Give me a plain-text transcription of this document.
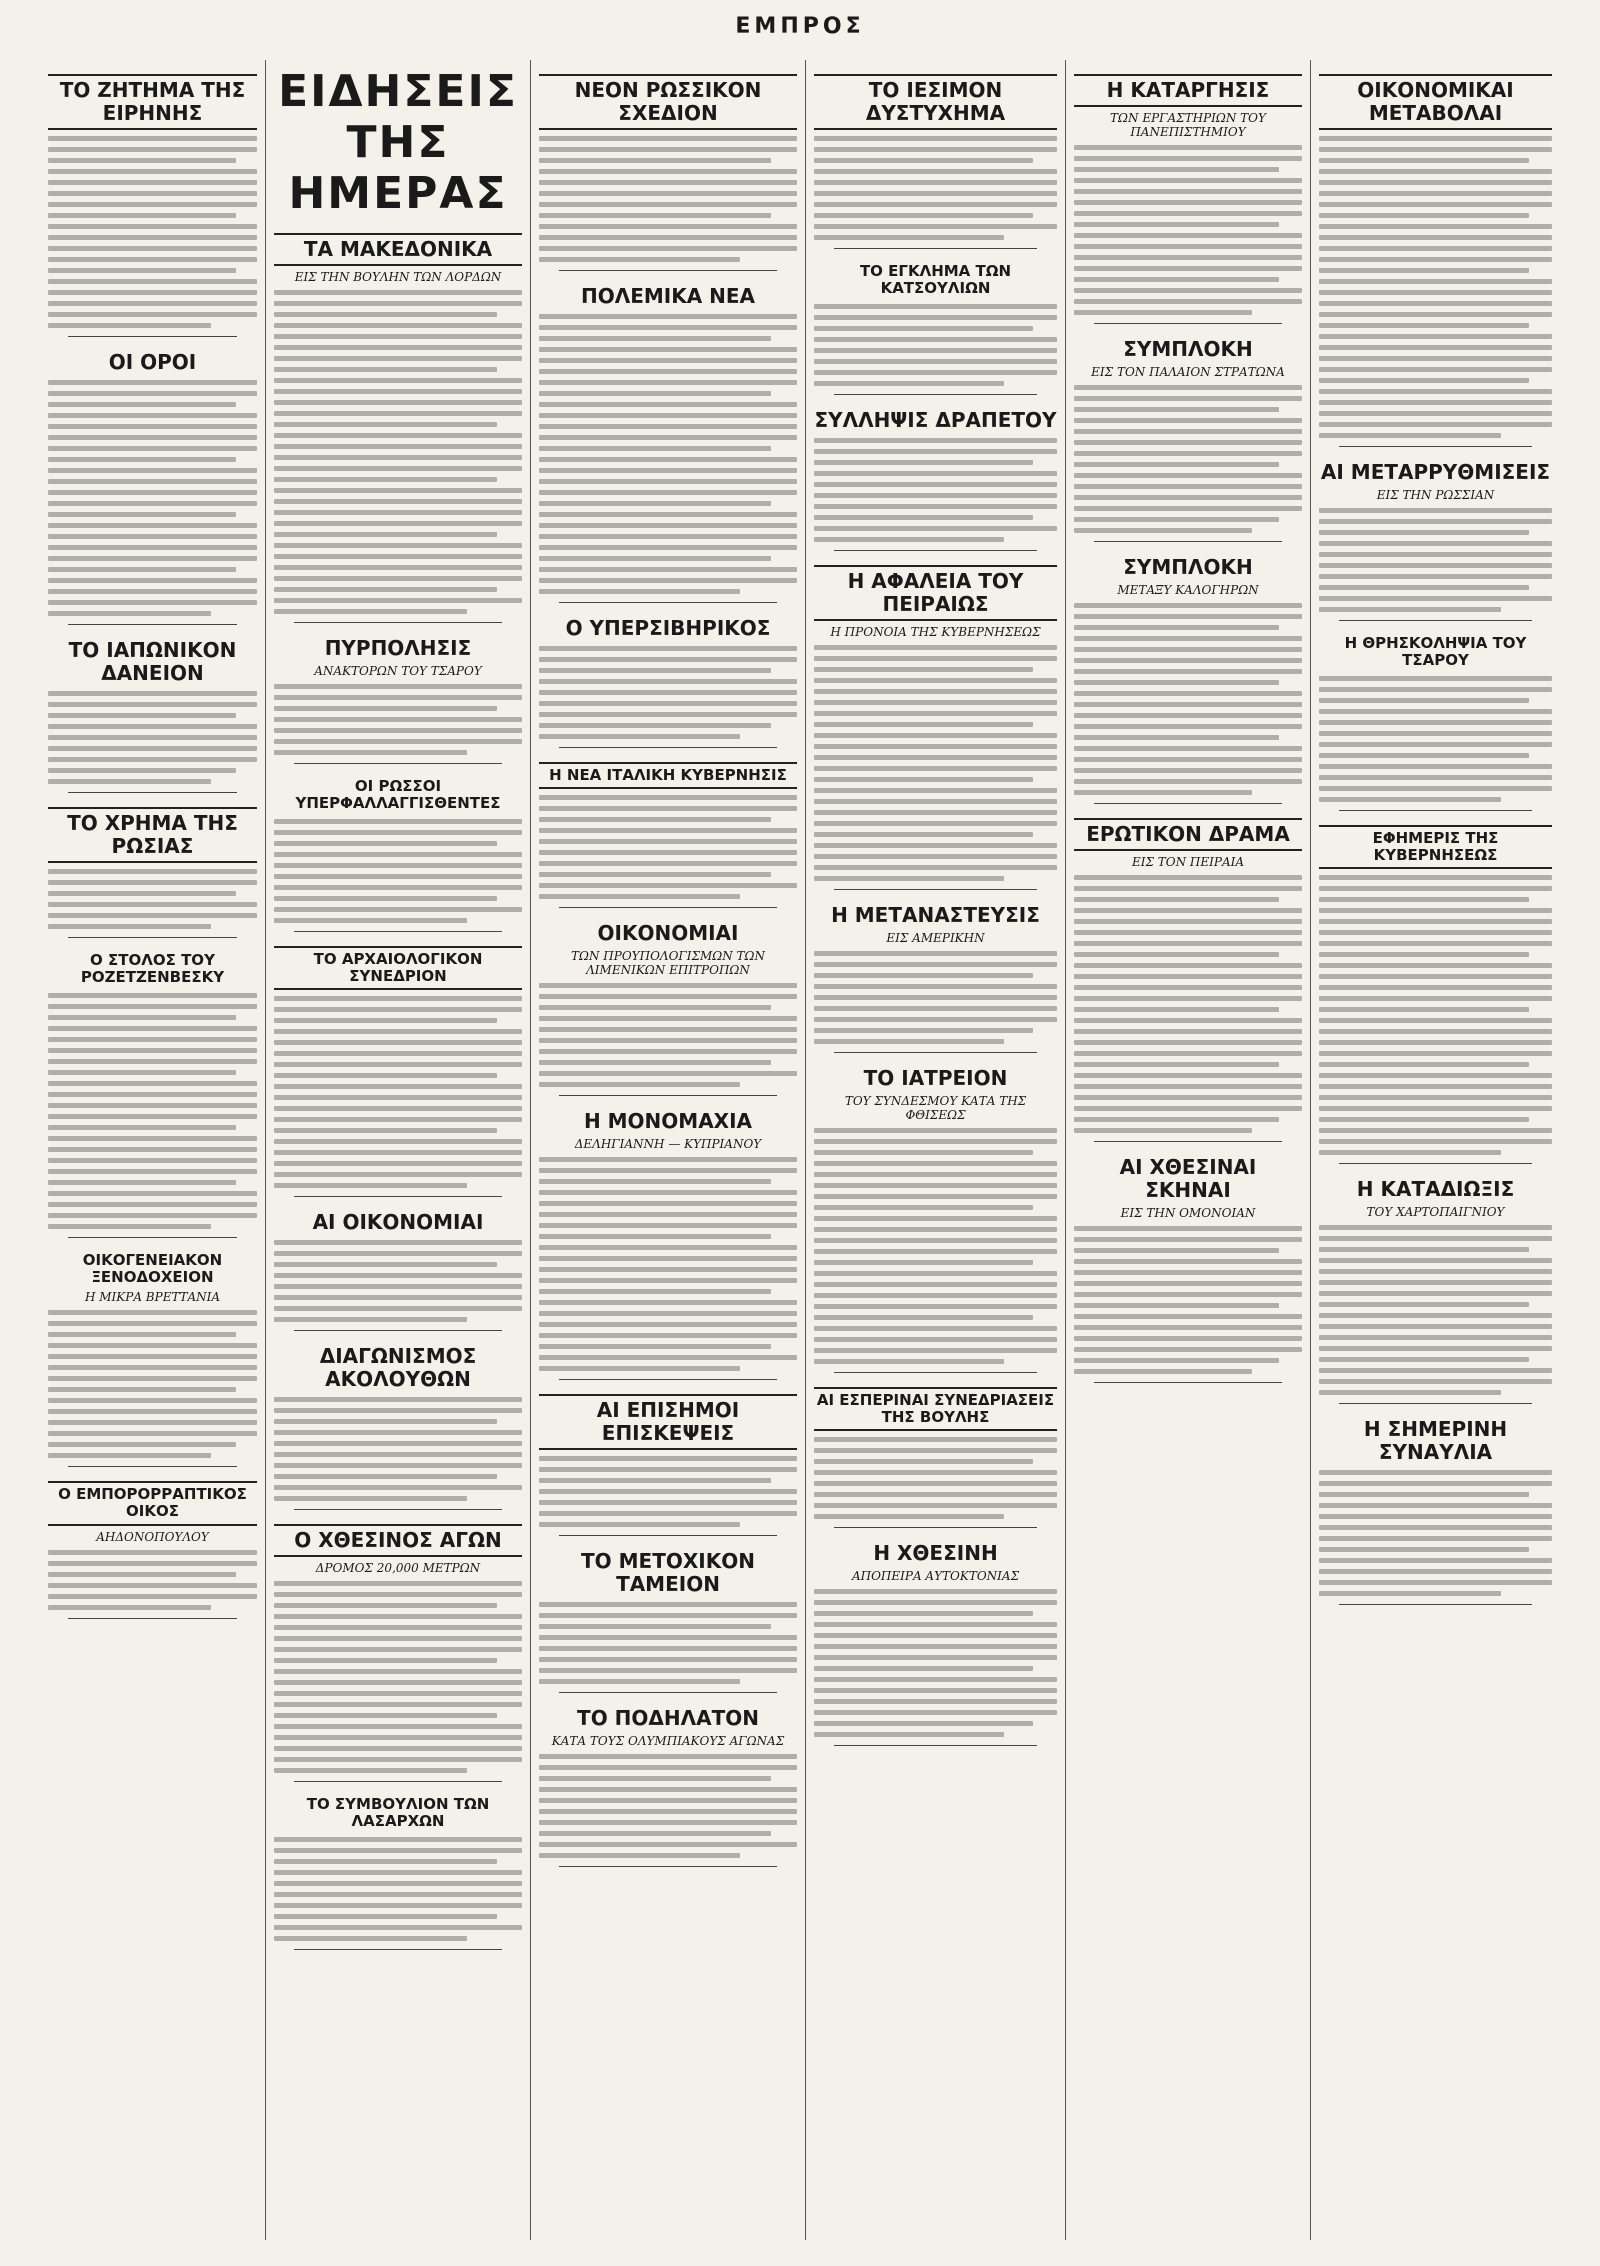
ΕΜΠΡΟΣ
ΤΟ ΖΗΤΗΜΑ ΤΗΣ ΕΙΡΗΝΗΣ
ΟΙ ΟΡΟΙ
ΤΟ ΙΑΠΩΝΙΚΟΝ ΔΑΝΕΙΟΝ
ΤΟ ΧΡΗΜΑ ΤΗΣ ΡΩΣΙΑΣ
Ο ΣΤΟΛΟΣ ΤΟΥ ΡΟΖΕΤΖΕΝΒΕΣΚΥ
ΟΙΚΟΓΕΝΕΙΑΚΟΝ ΞΕΝΟΔΟΧΕΙΟΝ
Η ΜΙΚΡΑ ΒΡΕΤΤΑΝΙΑ
Ο ΕΜΠΟΡΟΡΡΑΠΤΙΚΟΣ ΟΙΚΟΣ
ΑΗΔΟΝΟΠΟΥΛΟΥ
ΕΙΔΗΣΕΙΣ ΤΗΣ ΗΜΕΡΑΣ
ΤΑ ΜΑΚΕΔΟΝΙΚΑ
ΕΙΣ ΤΗΝ ΒΟΥΛΗΝ ΤΩΝ ΛΟΡΔΩΝ
ΠΥΡΠΟΛΗΣΙΣ
ΑΝΑΚΤΟΡΩΝ ΤΟΥ ΤΣΑΡΟΥ
ΟΙ ΡΩΣΣΟΙ ΥΠΕΡΦΑΛΛΑΓΓΙΣΘΕΝΤΕΣ
ΤΟ ΑΡΧΑΙΟΛΟΓΙΚΟΝ ΣΥΝΕΔΡΙΟΝ
ΑΙ ΟΙΚΟΝΟΜΙΑΙ
ΔΙΑΓΩΝΙΣΜΟΣ ΑΚΟΛΟΥΘΩΝ
Ο ΧΘΕΣΙΝΟΣ ΑΓΩΝ
ΔΡΟΜΟΣ 20,000 ΜΕΤΡΩΝ
ΤΟ ΣΥΜΒΟΥΛΙΟΝ ΤΩΝ ΛΑΣΑΡΧΩΝ
ΝΕΟΝ ΡΩΣΣΙΚΟΝ ΣΧΕΔΙΟΝ
ΠΟΛΕΜΙΚΑ ΝΕΑ
Ο ΥΠΕΡΣΙΒΗΡΙΚΟΣ
Η ΝΕΑ ΙΤΑΛΙΚΗ ΚΥΒΕΡΝΗΣΙΣ
ΟΙΚΟΝΟΜΙΑΙ
ΤΩΝ ΠΡΟΥΠΟΛΟΓΙΣΜΩΝ ΤΩΝ ΛΙΜΕΝΙΚΩΝ ΕΠΙΤΡΟΠΩΝ
Η ΜΟΝΟΜΑΧΙΑ
ΔΕΛΗΓΙΑΝΝΗ — ΚΥΠΡΙΑΝΟΥ
ΑΙ ΕΠΙΣΗΜΟΙ ΕΠΙΣΚΕΨΕΙΣ
ΤΟ ΜΕΤΟΧΙΚΟΝ ΤΑΜΕΙΟΝ
ΤΟ ΠΟΔΗΛΑΤΟΝ
ΚΑΤΑ ΤΟΥΣ ΟΛΥΜΠΙΑΚΟΥΣ ΑΓΩΝΑΣ
ΤΟ ΙΕΣΙΜΟΝ ΔΥΣΤΥΧΗΜΑ
ΤΟ ΕΓΚΛΗΜΑ ΤΩΝ ΚΑΤΣΟΥΛΙΩΝ
ΣΥΛΛΗΨΙΣ ΔΡΑΠΕΤΟΥ
Η ΑΦΑΛΕΙΑ ΤΟΥ ΠΕΙΡΑΙΩΣ
Η ΠΡΟΝΟΙΑ ΤΗΣ ΚΥΒΕΡΝΗΣΕΩΣ
Η ΜΕΤΑΝΑΣΤΕΥΣΙΣ
ΕΙΣ ΑΜΕΡΙΚΗΝ
ΤΟ ΙΑΤΡΕΙΟΝ
ΤΟΥ ΣΥΝΔΕΣΜΟΥ ΚΑΤΑ ΤΗΣ ΦΘΙΣΕΩΣ
ΑΙ ΕΣΠΕΡΙΝΑΙ ΣΥΝΕΔΡΙΑΣΕΙΣ ΤΗΣ ΒΟΥΛΗΣ
Η ΧΘΕΣΙΝΗ
ΑΠΟΠΕΙΡΑ ΑΥΤΟΚΤΟΝΙΑΣ
Η ΚΑΤΑΡΓΗΣΙΣ
ΤΩΝ ΕΡΓΑΣΤΗΡΙΩΝ ΤΟΥ ΠΑΝΕΠΙΣΤΗΜΙΟΥ
ΣΥΜΠΛΟΚΗ
ΕΙΣ ΤΟΝ ΠΑΛΑΙΟΝ ΣΤΡΑΤΩΝΑ
ΣΥΜΠΛΟΚΗ
ΜΕΤΑΞΥ ΚΑΛΟΓΗΡΩΝ
ΕΡΩΤΙΚΟΝ ΔΡΑΜΑ
ΕΙΣ ΤΟΝ ΠΕΙΡΑΙΑ
ΑΙ ΧΘΕΣΙΝΑΙ ΣΚΗΝΑΙ
ΕΙΣ ΤΗΝ ΟΜΟΝΟΙΑΝ
ΟΙΚΟΝΟΜΙΚΑΙ ΜΕΤΑΒΟΛΑΙ
ΑΙ ΜΕΤΑΡΡΥΘΜΙΣΕΙΣ
ΕΙΣ ΤΗΝ ΡΩΣΣΙΑΝ
Η ΘΡΗΣΚΟΛΗΨΙΑ ΤΟΥ ΤΣΑΡΟΥ
ΕΦΗΜΕΡΙΣ ΤΗΣ ΚΥΒΕΡΝΗΣΕΩΣ
Η ΚΑΤΑΔΙΩΞΙΣ
ΤΟΥ ΧΑΡΤΟΠΑΙΓΝΙΟΥ
Η ΣΗΜΕΡΙΝΗ ΣΥΝΑΥΛΙΑ
